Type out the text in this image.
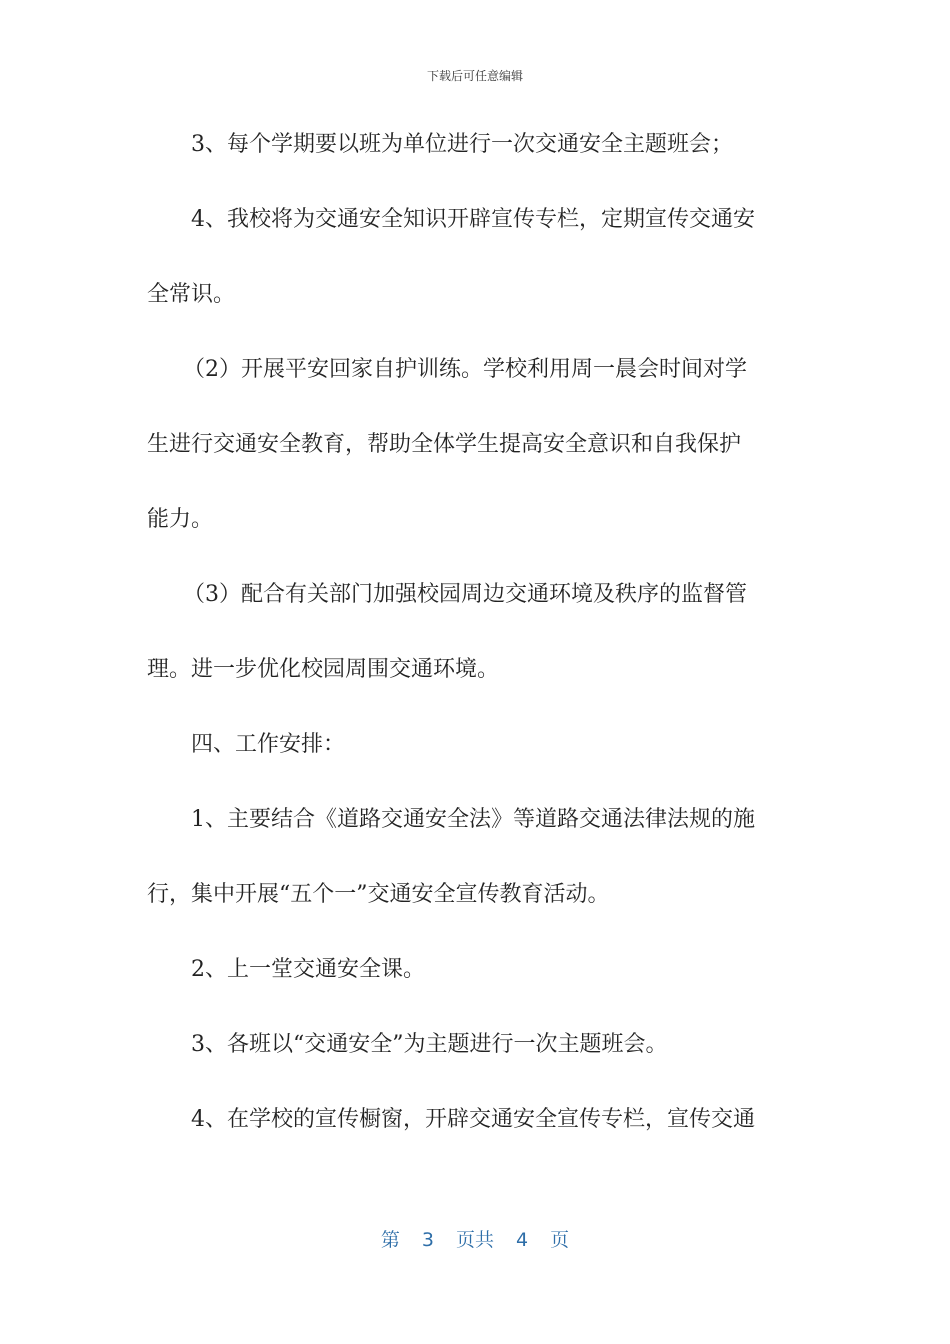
下载后可任意编辑
3、每个学期要以班为单位进行一次交通安全主题班会；
4、我校将为交通安全知识开辟宣传专栏，定期宣传交通安
全常识。
（2）开展平安回家自护训练。学校利用周一晨会时间对学
生进行交通安全教育，帮助全体学生提高安全意识和自我保护
能力。
（3）配合有关部门加强校园周边交通环境及秩序的监督管
理。进一步优化校园周围交通环境。
四、工作安排：
1、主要结合《道路交通安全法》等道路交通法律法规的施
行，集中开展“五个一”交通安全宣传教育活动。
2、上一堂交通安全课。
3、各班以“交通安全”为主题进行一次主题班会。
4、在学校的宣传橱窗，开辟交通安全宣传专栏，宣传交通
第 3 页共 4 页
